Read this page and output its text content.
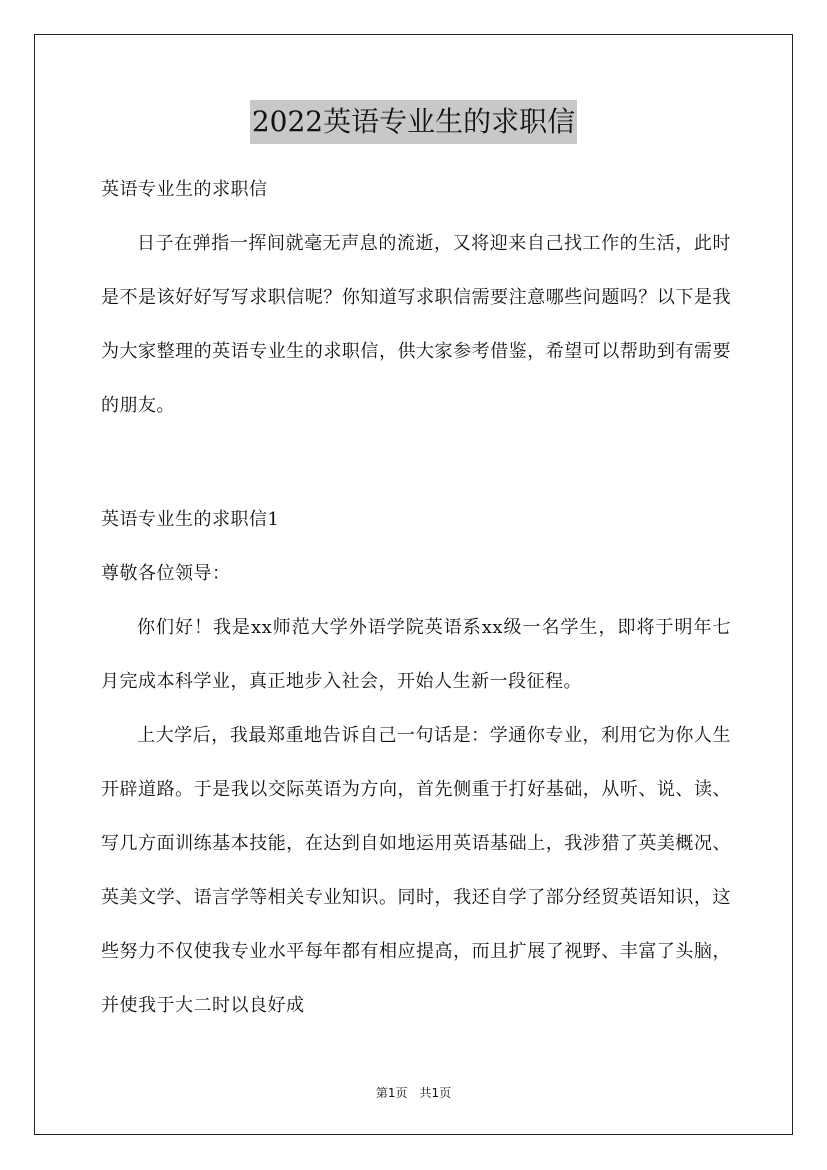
2022英语专业生的求职信

英语专业生的求职信

日子在弹指一挥间就毫无声息的流逝，又将迎来自己找工作的生活，此时是不是该好好写写求职信呢？你知道写求职信需要注意哪些问题吗？以下是我为大家整理的英语专业生的求职信，供大家参考借鉴，希望可以帮助到有需要的朋友。

英语专业生的求职信1

尊敬各位领导：

你们好！我是xx师范大学外语学院英语系xx级一名学生，即将于明年七月完成本科学业，真正地步入社会，开始人生新一段征程。

上大学后，我最郑重地告诉自己一句话是：学通你专业，利用它为你人生开辟道路。于是我以交际英语为方向，首先侧重于打好基础，从听、说、读、写几方面训练基本技能，在达到自如地运用英语基础上，我涉猎了英美概况、英美文学、语言学等相关专业知识。同时，我还自学了部分经贸英语知识，这些努力不仅使我专业水平每年都有相应提高，而且扩展了视野、丰富了头脑，并使我于大二时以良好成

第1页　共1页
